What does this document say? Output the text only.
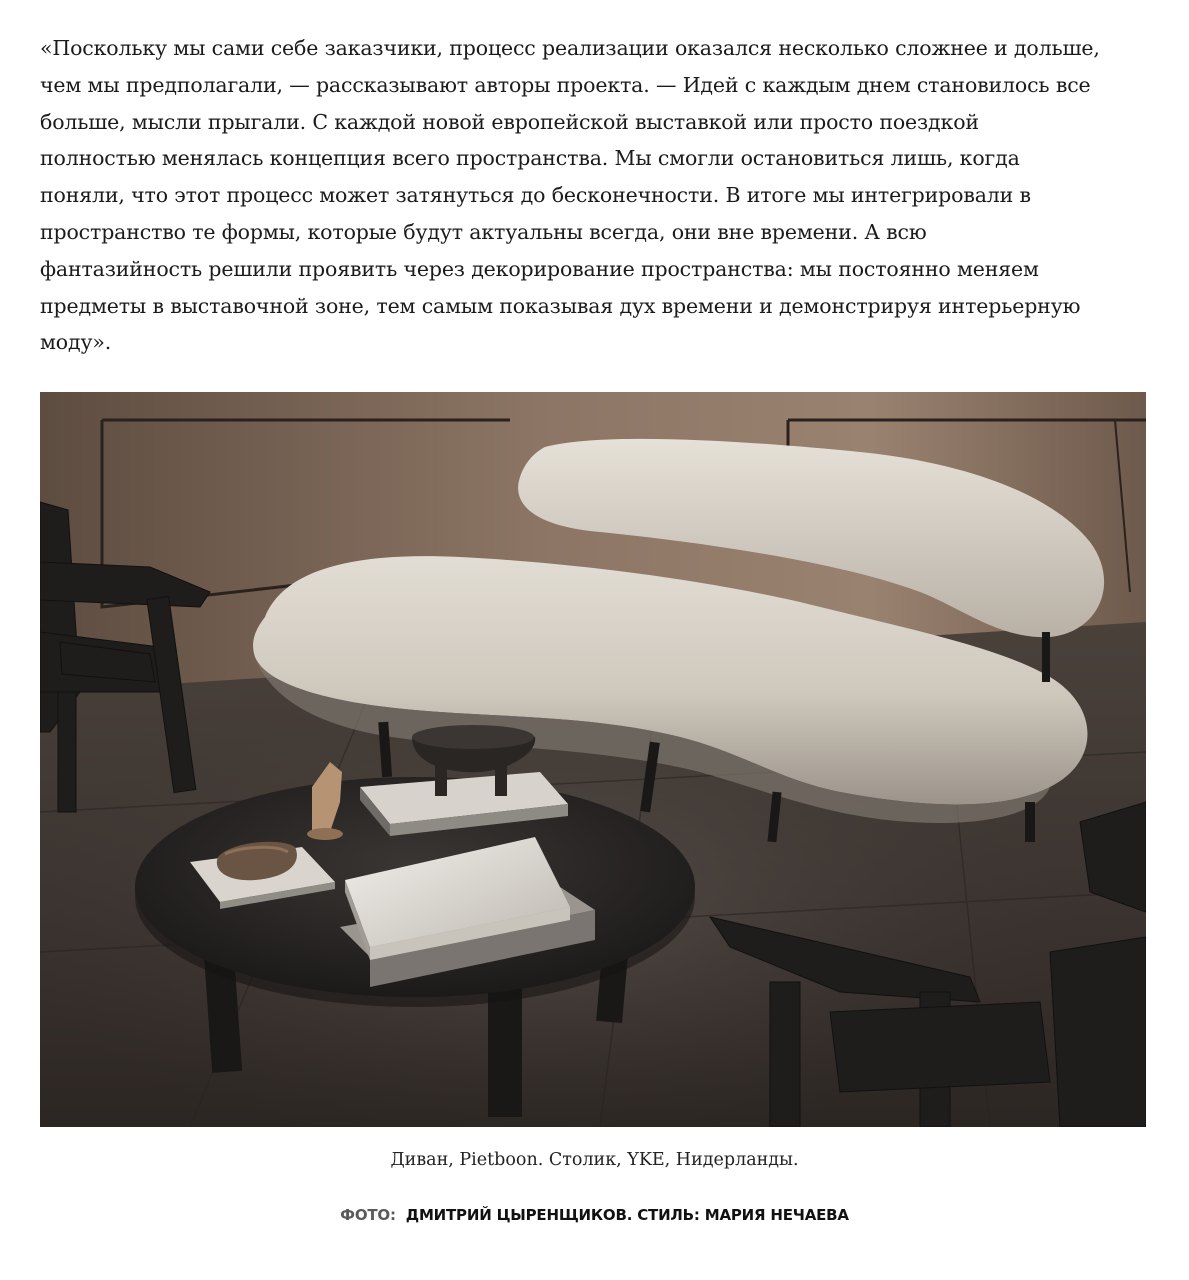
«Поскольку мы сами себе заказчики, процесс реализации оказался несколько сложнее и дольше,
чем мы предполагали, — рассказывают авторы проекта. — Идей с каждым днем становилось все
больше, мысли прыгали. С каждой новой европейской выставкой или просто поездкой
полностью менялась концепция всего пространства. Мы смогли остановиться лишь, когда
поняли, что этот процесс может затянуться до бесконечности. В итоге мы интегрировали в
пространство те формы, которые будут актуальны всегда, они вне времени. А всю
фантазийность решили проявить через декорирование пространства: мы постоянно меняем
предметы в выставочной зоне, тем самым показывая дух времени и демонстрируя интерьерную
моду».

Диван, Pietboon. Столик, YKE, Нидерланды.

ФОТО: ДМИТРИЙ ЦЫРЕНЩИКОВ. СТИЛЬ: МАРИЯ НЕЧАЕВА
